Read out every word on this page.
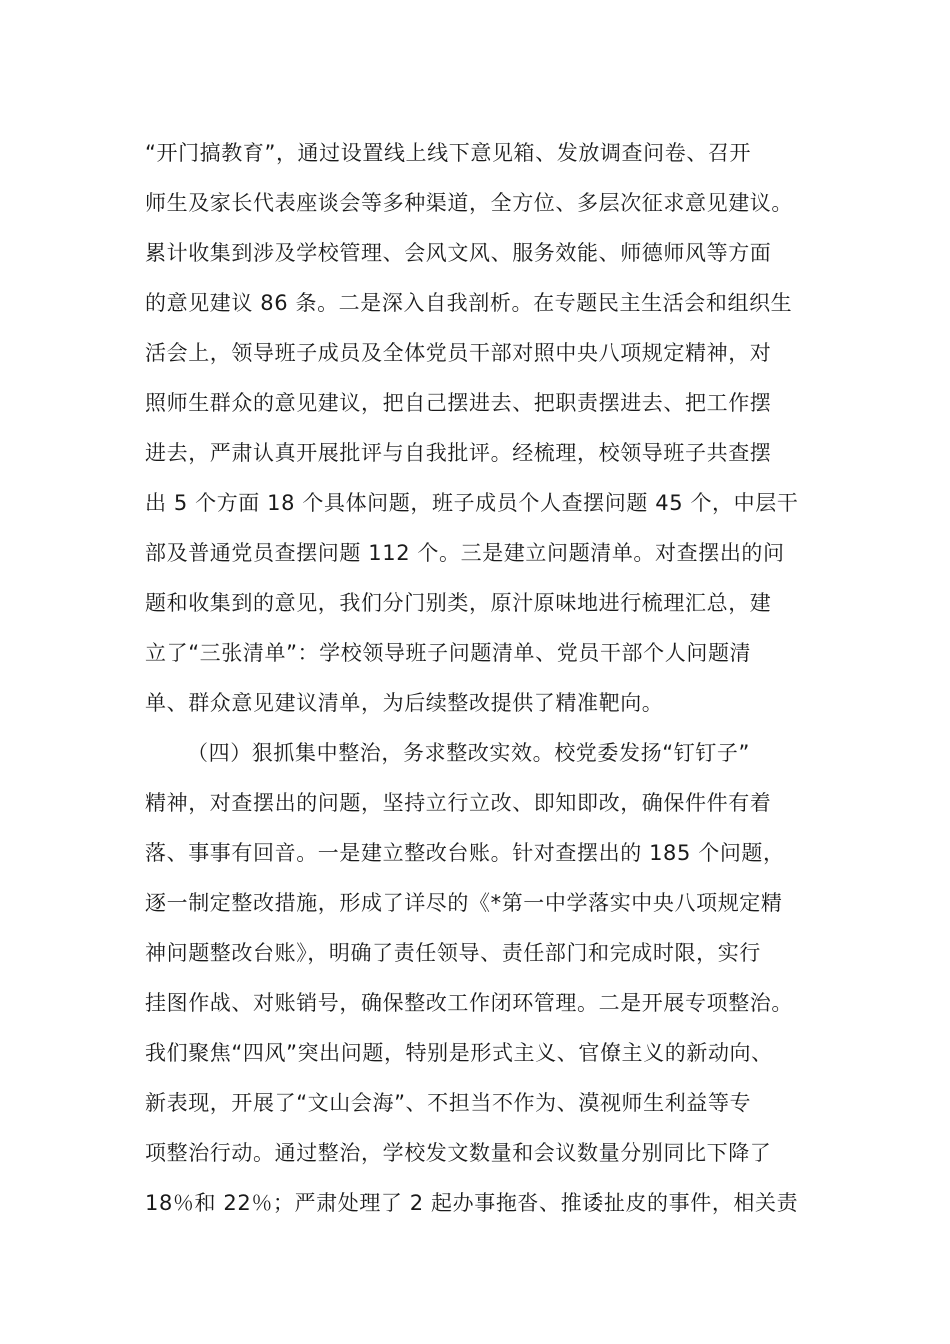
“开门搞教育”，通过设置线上线下意见箱、发放调查问卷、召开
师生及家长代表座谈会等多种渠道，全方位、多层次征求意见建议。
累计收集到涉及学校管理、会风文风、服务效能、师德师风等方面
的意见建议 86 条。二是深入自我剖析。在专题民主生活会和组织生
活会上，领导班子成员及全体党员干部对照中央八项规定精神，对
照师生群众的意见建议，把自己摆进去、把职责摆进去、把工作摆
进去，严肃认真开展批评与自我批评。经梳理，校领导班子共查摆
出 5 个方面 18 个具体问题，班子成员个人查摆问题 45 个，中层干
部及普通党员查摆问题 112 个。三是建立问题清单。对查摆出的问
题和收集到的意见，我们分门别类，原汁原味地进行梳理汇总，建
立了“三张清单”：学校领导班子问题清单、党员干部个人问题清
单、群众意见建议清单，为后续整改提供了精准靶向。
（四）狠抓集中整治，务求整改实效。校党委发扬“钉钉子”
精神，对查摆出的问题，坚持立行立改、即知即改，确保件件有着
落、事事有回音。一是建立整改台账。针对查摆出的 185 个问题，
逐一制定整改措施，形成了详尽的《*第一中学落实中央八项规定精
神问题整改台账》，明确了责任领导、责任部门和完成时限，实行
挂图作战、对账销号，确保整改工作闭环管理。二是开展专项整治。
我们聚焦“四风”突出问题，特别是形式主义、官僚主义的新动向、
新表现，开展了“文山会海”、不担当不作为、漠视师生利益等专
项整治行动。通过整治，学校发文数量和会议数量分别同比下降了
18％和 22％；严肃处理了 2 起办事拖沓、推诿扯皮的事件，相关责
